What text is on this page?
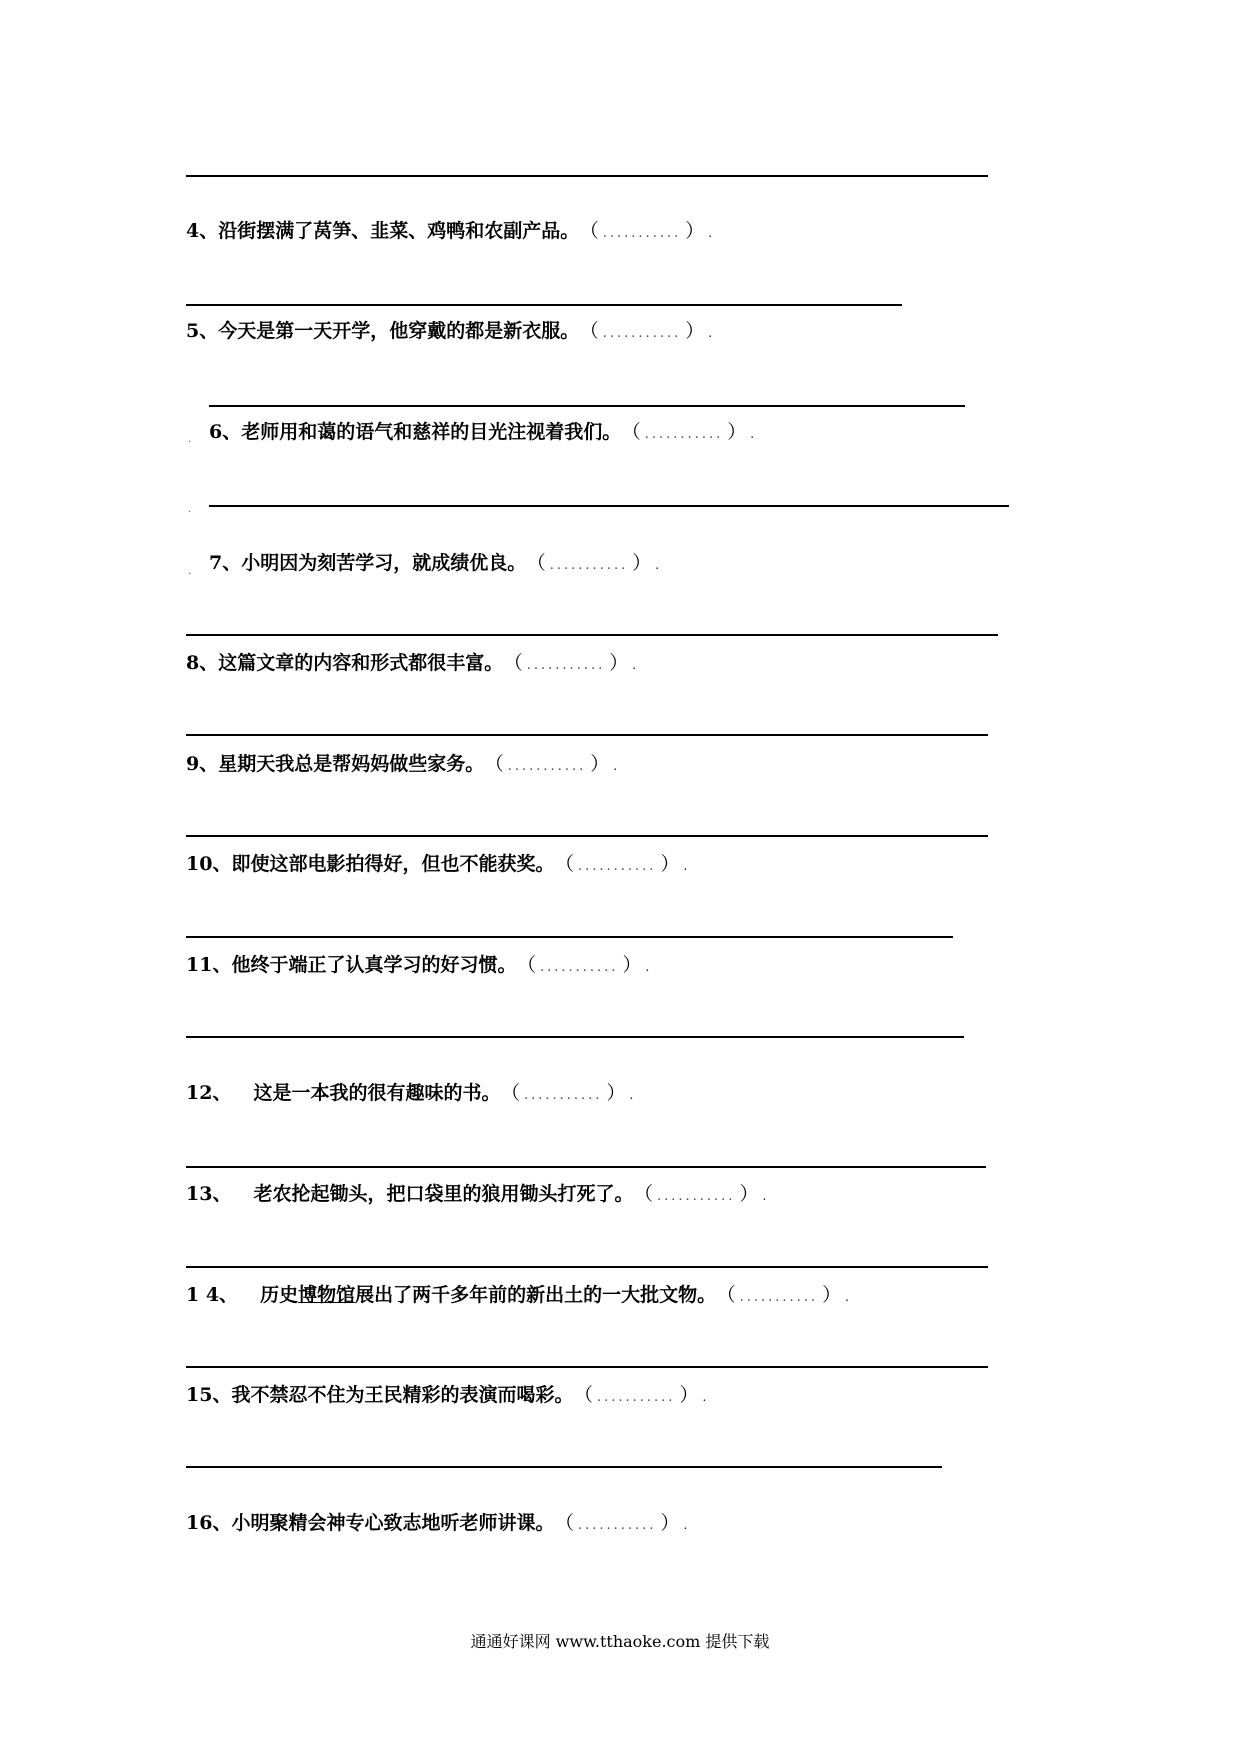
4、沿街摆满了莴笋、韭菜、鸡鸭和农副产品。 （ ........... ） .
5、今天是第一天开学，他穿戴的都是新衣服。 （ ........... ） .
. 6、老师用和蔼的语气和慈祥的目光注视着我们。 （ ........... ） .
.
. 7、小明因为刻苦学习，就成绩优良。 （ ........... ） .
8、这篇文章的内容和形式都很丰富。 （ ........... ） .
9、星期天我总是帮妈妈做些家务。 （ ........... ） .
10、即使这部电影拍得好，但也不能获奖。 （ ........... ） .
11、他终于端正了认真学习的好习惯。 （ ........... ） .
12、 这是一本我的很有趣味的书。 （ ........... ） .
13、 老农抡起锄头，把口袋里的狼用锄头打死了。 （ ........... ） .
1 4、 历史博物馆展出了两千多年前的新出土的一大批文物。 （ ........... ） .
15、我不禁忍不住为王民精彩的表演而喝彩。 （ ........... ） .
16、小明聚精会神专心致志地听老师讲课。 （ ........... ） .
通通好课网 www.tthaoke.com 提供下载
